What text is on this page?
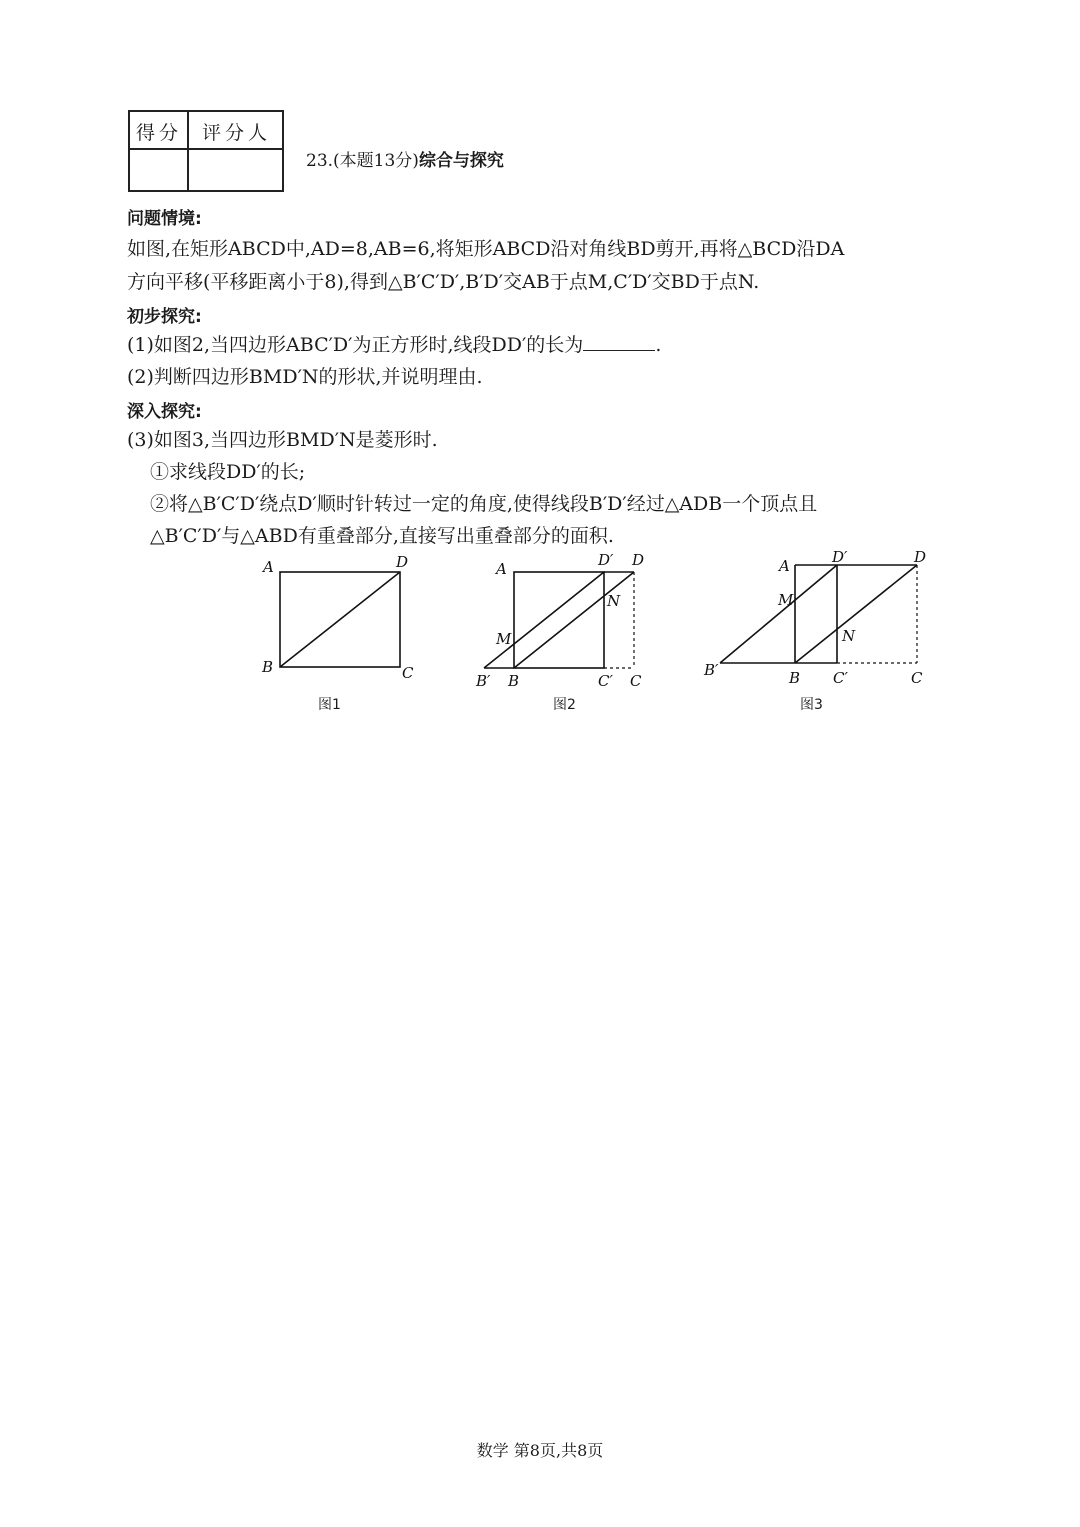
得分 评分人
23.(本题13分)综合与探究
问题情境:
如图,在矩形ABCD中,AD=8,AB=6,将矩形ABCD沿对角线BD剪开,再将△BCD沿DA
方向平移(平移距离小于8),得到△B′C′D′,B′D′交AB于点M,C′D′交BD于点N.
初步探究:
(1)如图2,当四边形ABC′D′为正方形时,线段DD′的长为	.
(2)判断四边形BMD′N的形状,并说明理由.
深入探究:
(3)如图3,当四边形BMD′N是菱形时.
①求线段DD′的长;
②将△B′C′D′绕点D′顺时针转过一定的角度,使得线段B′D′经过△ADB一个顶点且
△B′C′D′与△ABD有重叠部分,直接写出重叠部分的面积.
A	D
B	C
图1
A	D′ D
M
N
B′ B	C′ C
图2
A	D′	D
M
N
B′	B C′	C
图3
数学 第8页,共8页
